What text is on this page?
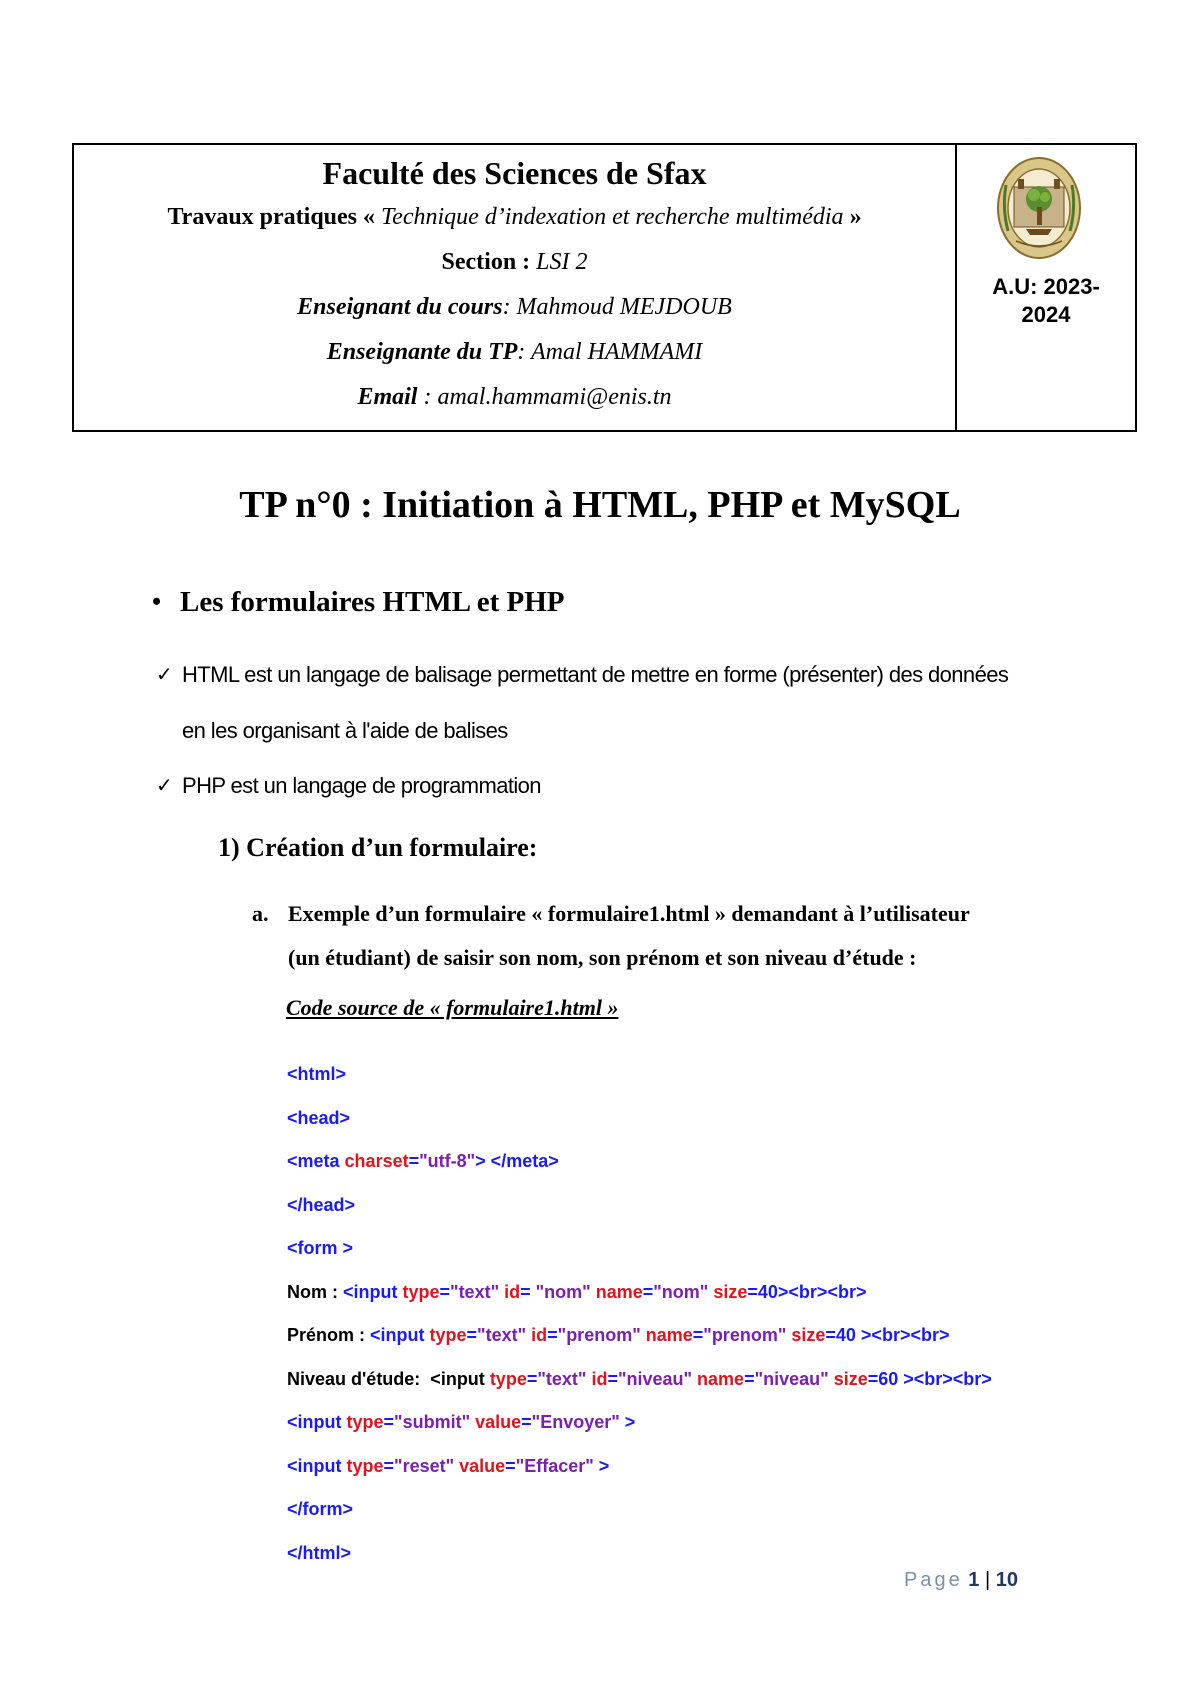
Faculté des Sciences de Sfax
Travaux pratiques « Technique d’indexation et recherche multimédia »
Section : LSI 2
Enseignant du cours: Mahmoud MEJDOUB
Enseignante du TP: Amal HAMMAMI
Email : amal.hammami@enis.tn
A.U: 2023-
2024
TP n°0 : Initiation à HTML, PHP et MySQL
• Les formulaires HTML et PHP
✓ HTML est un langage de balisage permettant de mettre en forme (présenter) des données
en les organisant à l'aide de balises
✓ PHP est un langage de programmation
1) Création d’un formulaire:
a. Exemple d’un formulaire « formulaire1.html » demandant à l’utilisateur
(un étudiant) de saisir son nom, son prénom et son niveau d’étude :
Code source de « formulaire1.html »
<html>
<head>
<meta charset="utf-8"> </meta>
</head>
<form >
Nom : <input type="text" id= "nom" name="nom" size=40><br><br>
Prénom : <input type="text" id="prenom" name="prenom" size=40 ><br><br>
Niveau d'étude:  <input type="text" id="niveau" name="niveau" size=60 ><br><br>
<input type="submit" value="Envoyer" >
<input type="reset" value="Effacer" >
</form>
</html>
Page 1 | 10
